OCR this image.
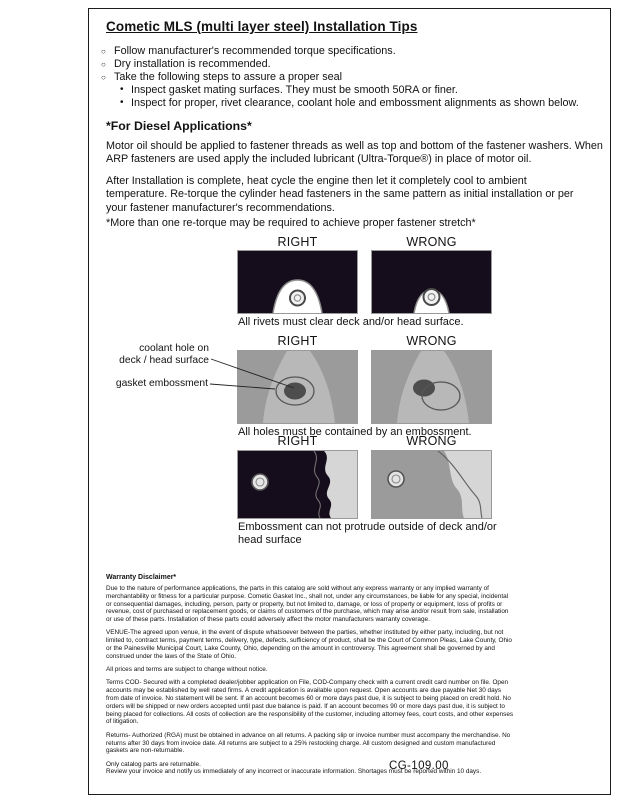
Cometic MLS (multi layer steel) Installation Tips
○ Follow manufacturer's recommended torque specifications.
○ Dry installation is recommended.
○ Take the following steps to assure a proper seal
• Inspect gasket mating surfaces. They must be smooth 50RA or finer.
• Inspect for proper, rivet clearance, coolant hole and embossment alignments as shown below.
*For Diesel Applications*

Motor oil should be applied to fastener threads as well as top and bottom of the fastener washers. When ARP fasteners are used apply the included lubricant (Ultra-Torque®) in place of motor oil.

After Installation is complete, heat cycle the engine then let it completely cool to ambient temperature. Re-torque the cylinder head fasteners in the same pattern as initial installation or per your fastener manufacturer's recommendations.

*More than one re-torque may be required to achieve proper fastener stretch*

RIGHT	WRONG

All rivets must clear deck and/or head surface.

RIGHT	WRONG
coolant hole on
deck / head surface
gasket embossment

All holes must be contained by an embossment.

RIGHT	WRONG

Embossment can not protrude outside of deck and/or head surface

Warranty Disclaimer*

Due to the nature of performance applications, the parts in this catalog are sold without any express warranty or any implied warranty of merchantability or fitness for a particular purpose. Cometic Gasket Inc., shall not, under any circumstances, be liable for any special, incidental or consequential damages, including, person, party or property, but not limited to, damage, or loss of property or equipment, loss of profits or revenue, cost of purchased or replacement goods, or claims of customers of the purchase, which may arise and/or result from sale, installation or use of these parts. Installation of these parts could adversely affect the motor manufacturers warranty coverage.

VENUE-The agreed upon venue, in the event of dispute whatsoever between the parties, whether instituted by either party, including, but not limited to, contract terms, payment terms, delivery, type, defects, sufficiency of product, shall be the Court of Common Pleas, Lake County, Ohio or the Painesville Municipal Court, Lake County, Ohio, depending on the amount in controversy. This agreement shall be governed by and construed under the laws of the State of Ohio.

All prices and terms are subject to change without notice.

Terms COD- Secured with a completed dealer/jobber application on File, COD-Company check with a current credit card number on file. Open accounts may be established by well rated firms. A credit application is available upon request. Open accounts are due payable Net 30 days from date of invoice. No statement will be sent. If an account becomes 60 or more days past due, it is subject to being placed on credit hold. No orders will be shipped or new orders accepted until past due balance is paid. If an account becomes 90 or more days past due, it is subject to being placed for collections. All costs of collection are the responsibility of the customer, including attorney fees, court costs, and other expenses of litigation.

Returns- Authorized (RGA) must be obtained in advance on all returns. A packing slip or invoice number must accompany the merchandise. No returns after 30 days from invoice date. All returns are subject to a 25% restocking charge. All custom designed and custom manufactured gaskets are non-returnable.

Only catalog parts are returnable.

Review your invoice and notify us immediately of any incorrect or inaccurate information. Shortages must be reported within 10 days.

CG-109.00
